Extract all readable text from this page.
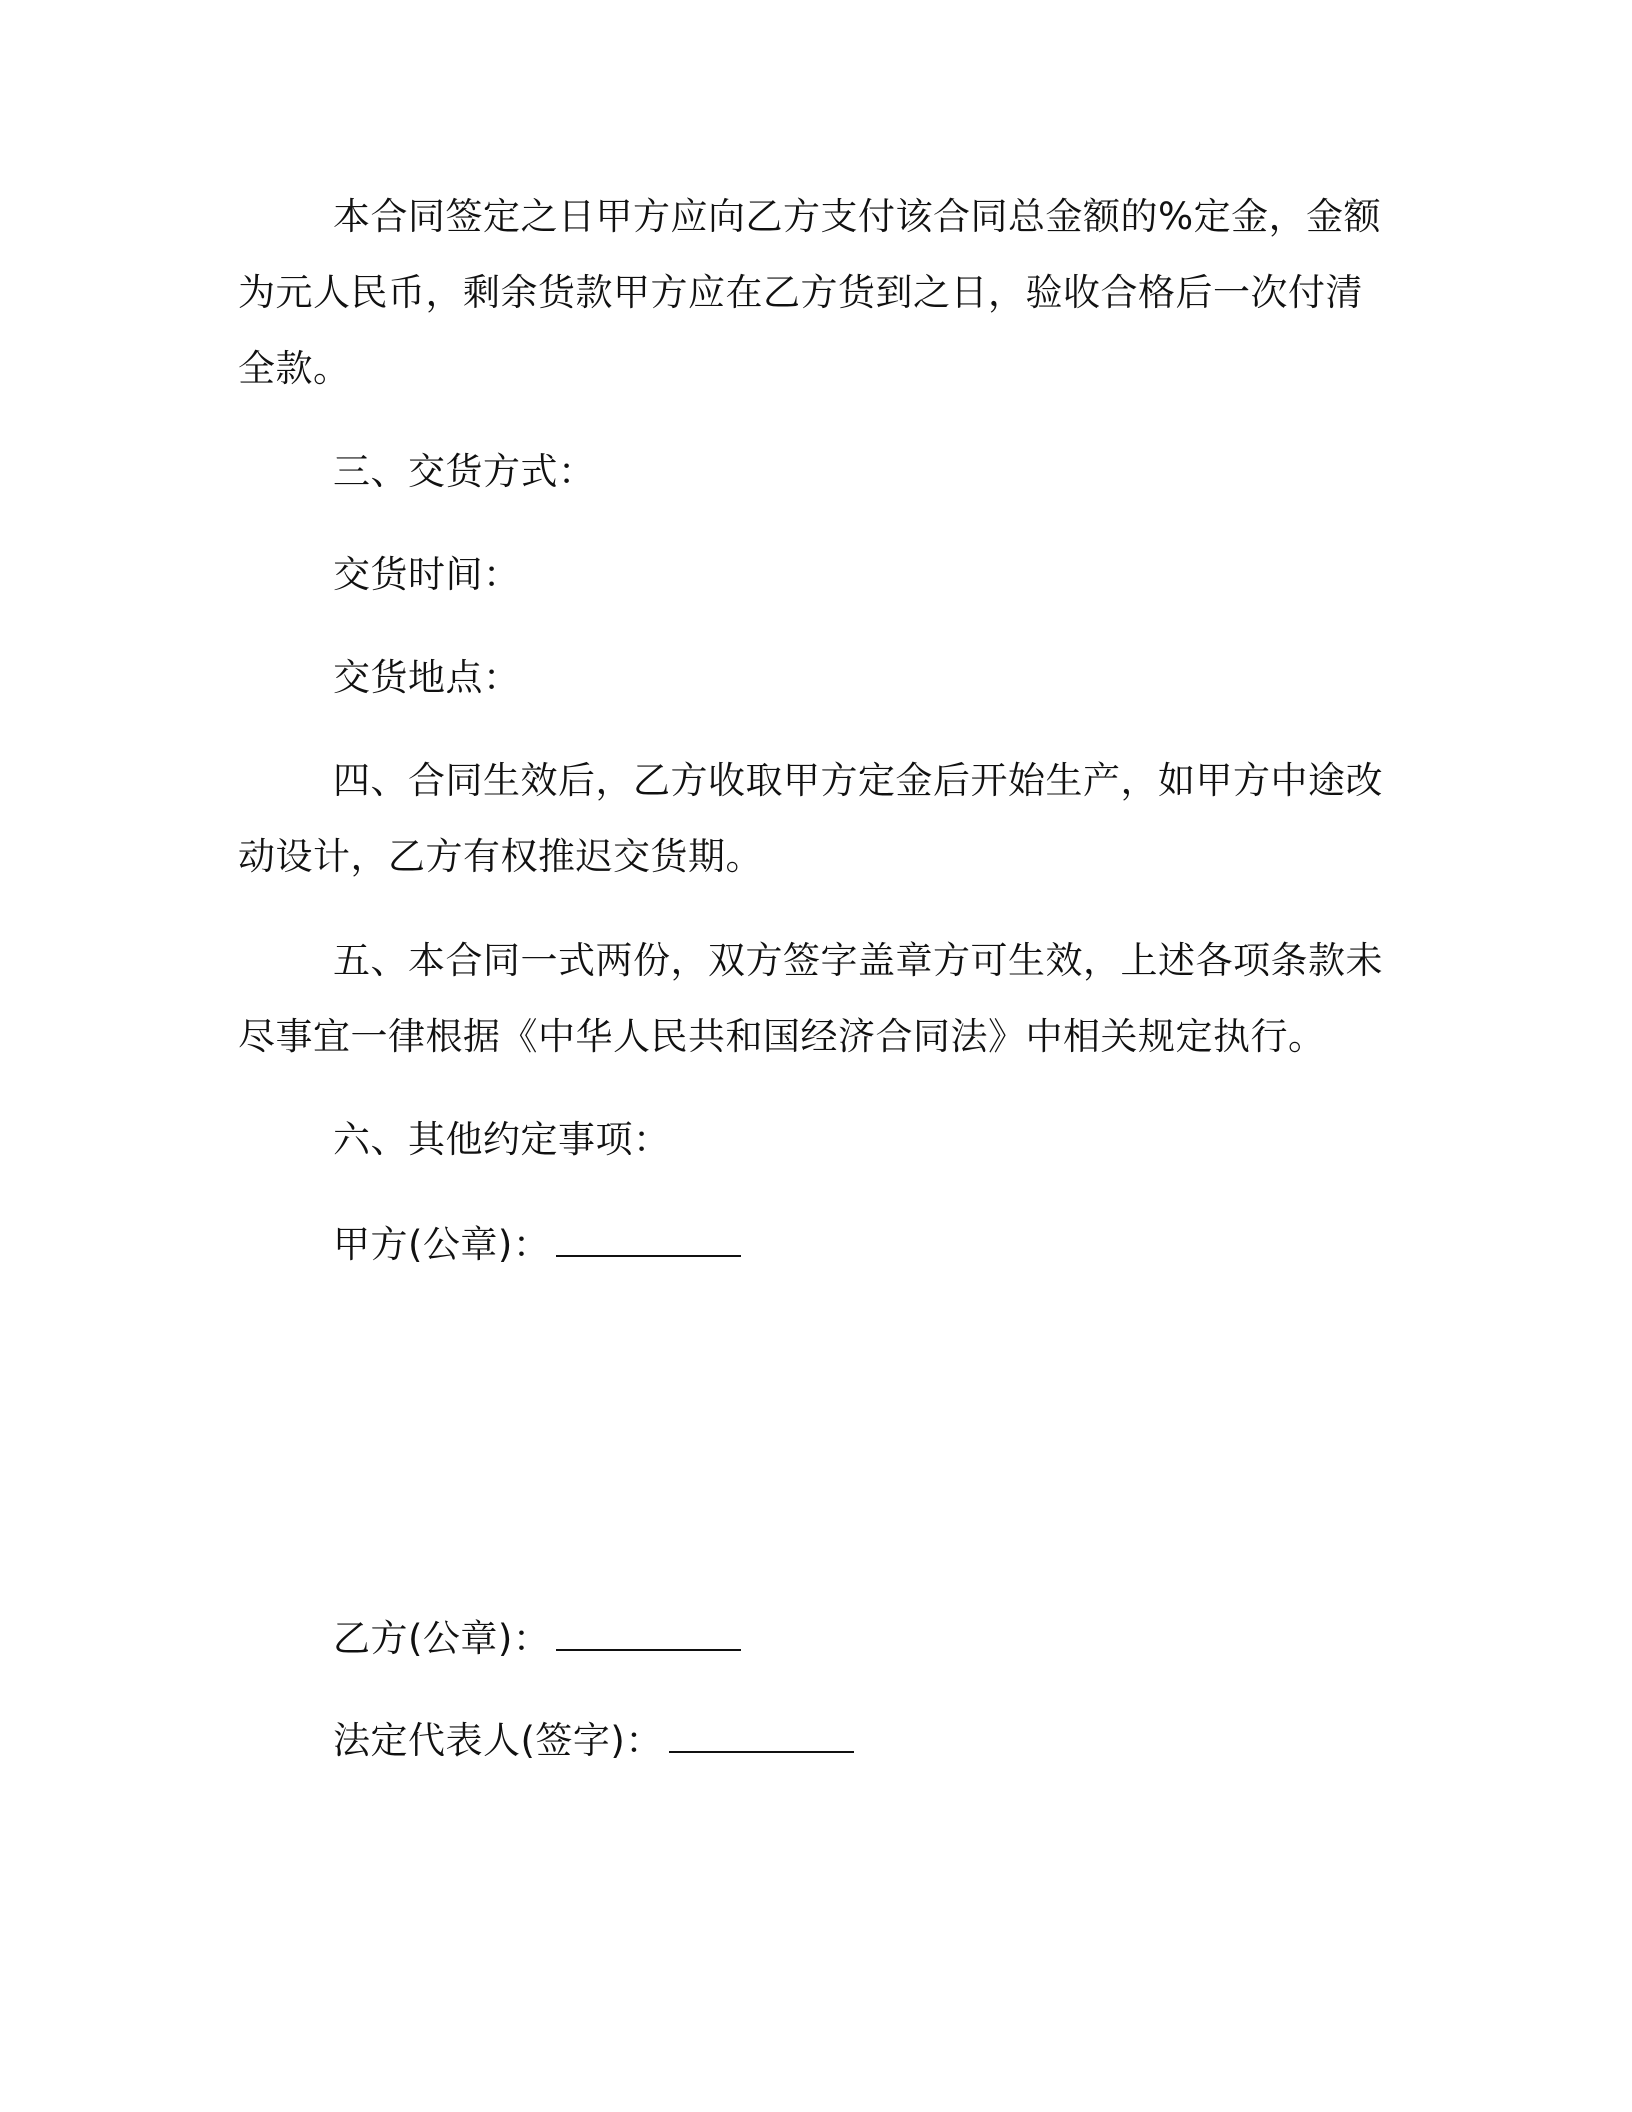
本合同签定之日甲方应向乙方支付该合同总金额的%定金，金额

为元人民币，剩余货款甲方应在乙方货到之日，验收合格后一次付清

全款。

三、交货方式：

交货时间：

交货地点：

四、合同生效后，乙方收取甲方定金后开始生产，如甲方中途改

动设计，乙方有权推迟交货期。

五、本合同一式两份，双方签字盖章方可生效，上述各项条款未

尽事宜一律根据《中华人民共和国经济合同法》中相关规定执行。

六、其他约定事项：

甲方(公章)：

乙方(公章)：

法定代表人(签字)：
